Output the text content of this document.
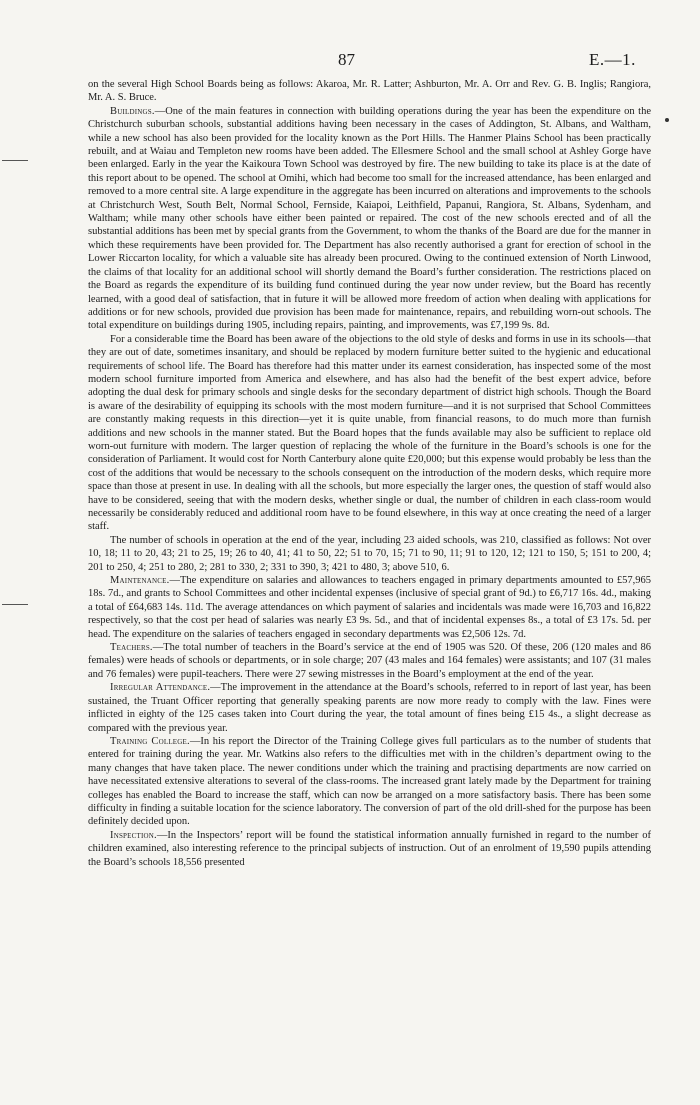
87	E.—1.

on the several High School Boards being as follows: Akaroa, Mr. R. Latter; Ashburton, Mr. A. Orr and Rev. G. B. Inglis; Rangiora, Mr. A. S. Bruce.

Buildings.—One of the main features in connection with building operations during the year has been the expenditure on the Christchurch suburban schools, substantial additions having been necessary in the cases of Addington, St. Albans, and Waltham, while a new school has also been provided for the locality known as the Port Hills. The Hanmer Plains School has been practically rebuilt, and at Waiau and Templeton new rooms have been added. The Ellesmere School and the small school at Ashley Gorge have been enlarged. Early in the year the Kaikoura Town School was destroyed by fire. The new building to take its place is at the date of this report about to be opened. The school at Omihi, which had become too small for the increased attendance, has been enlarged and removed to a more central site. A large expenditure in the aggregate has been incurred on alterations and improvements to the schools at Christchurch West, South Belt, Normal School, Fernside, Kaiapoi, Leithfield, Papanui, Rangiora, St. Albans, Sydenham, and Waltham; while many other schools have either been painted or repaired. The cost of the new schools erected and of all the substantial additions has been met by special grants from the Government, to whom the thanks of the Board are due for the manner in which these requirements have been provided for. The Department has also recently authorised a grant for erection of school in the Lower Riccarton locality, for which a valuable site has already been procured. Owing to the continued extension of North Linwood, the claims of that locality for an additional school will shortly demand the Board’s further consideration. The restrictions placed on the Board as regards the expenditure of its building fund continued during the year now under review, but the Board has recently learned, with a good deal of satisfaction, that in future it will be allowed more freedom of action when dealing with applications for additions or for new schools, provided due provision has been made for maintenance, repairs, and rebuilding worn-out schools. The total expenditure on buildings during 1905, including repairs, painting, and improvements, was £7,199 9s. 8d.

For a considerable time the Board has been aware of the objections to the old style of desks and forms in use in its schools—that they are out of date, sometimes insanitary, and should be replaced by modern furniture better suited to the hygienic and educational requirements of school life. The Board has therefore had this matter under its earnest consideration, has inspected some of the most modern school furniture imported from America and elsewhere, and has also had the benefit of the best expert advice, before adopting the dual desk for primary schools and single desks for the secondary department of district high schools. Though the Board is aware of the desirability of equipping its schools with the most modern furniture—and it is not surprised that School Committees are constantly making requests in this direction—yet it is quite unable, from financial reasons, to do much more than furnish additions and new schools in the manner stated. But the Board hopes that the funds available may also be sufficient to replace old worn-out furniture with modern. The larger question of replacing the whole of the furniture in the Board’s schools is one for the consideration of Parliament. It would cost for North Canterbury alone quite £20,000; but this expense would probably be less than the cost of the additions that would be necessary to the schools consequent on the introduction of the modern desks, which require more space than those at present in use. In dealing with all the schools, but more especially the larger ones, the question of staff would also have to be considered, seeing that with the modern desks, whether single or dual, the number of children in each class-room would necessarily be considerably reduced and additional room have to be found elsewhere, in this way at once creating the need of a larger staff.

The number of schools in operation at the end of the year, including 23 aided schools, was 210, classified as follows: Not over 10, 18; 11 to 20, 43; 21 to 25, 19; 26 to 40, 41; 41 to 50, 22; 51 to 70, 15; 71 to 90, 11; 91 to 120, 12; 121 to 150, 5; 151 to 200, 4; 201 to 250, 4; 251 to 280, 2; 281 to 330, 2; 331 to 390, 3; 421 to 480, 3; above 510, 6.

Maintenance.—The expenditure on salaries and allowances to teachers engaged in primary departments amounted to £57,965 18s. 7d., and grants to School Committees and other incidental expenses (inclusive of special grant of 9d.) to £6,717 16s. 4d., making a total of £64,683 14s. 11d. The average attendances on which payment of salaries and incidentals was made were 16,703 and 16,822 respectively, so that the cost per head of salaries was nearly £3 9s. 5d., and that of incidental expenses 8s., a total of £3 17s. 5d. per head. The expenditure on the salaries of teachers engaged in secondary departments was £2,506 12s. 7d.

Teachers.—The total number of teachers in the Board’s service at the end of 1905 was 520. Of these, 206 (120 males and 86 females) were heads of schools or departments, or in sole charge; 207 (43 males and 164 females) were assistants; and 107 (31 males and 76 females) were pupil-teachers. There were 27 sewing mistresses in the Board’s employment at the end of the year.

Irregular Attendance.—The improvement in the attendance at the Board’s schools, referred to in report of last year, has been sustained, the Truant Officer reporting that generally speaking parents are now more ready to comply with the law. Fines were inflicted in eighty of the 125 cases taken into Court during the year, the total amount of fines being £15 4s., a slight decrease as compared with the previous year.

Training College.—In his report the Director of the Training College gives full particulars as to the number of students that entered for training during the year. Mr. Watkins also refers to the difficulties met with in the children’s department owing to the many changes that have taken place. The newer conditions under which the training and practising departments are now carried on have necessitated extensive alterations to several of the class-rooms. The increased grant lately made by the Department for training colleges has enabled the Board to increase the staff, which can now be arranged on a more satisfactory basis. There has been some difficulty in finding a suitable location for the science laboratory. The conversion of part of the old drill-shed for the purpose has been definitely decided upon.

Inspection.—In the Inspectors’ report will be found the statistical information annually furnished in regard to the number of children examined, also interesting reference to the principal subjects of instruction. Out of an enrolment of 19,590 pupils attending the Board’s schools 18,556 presented
